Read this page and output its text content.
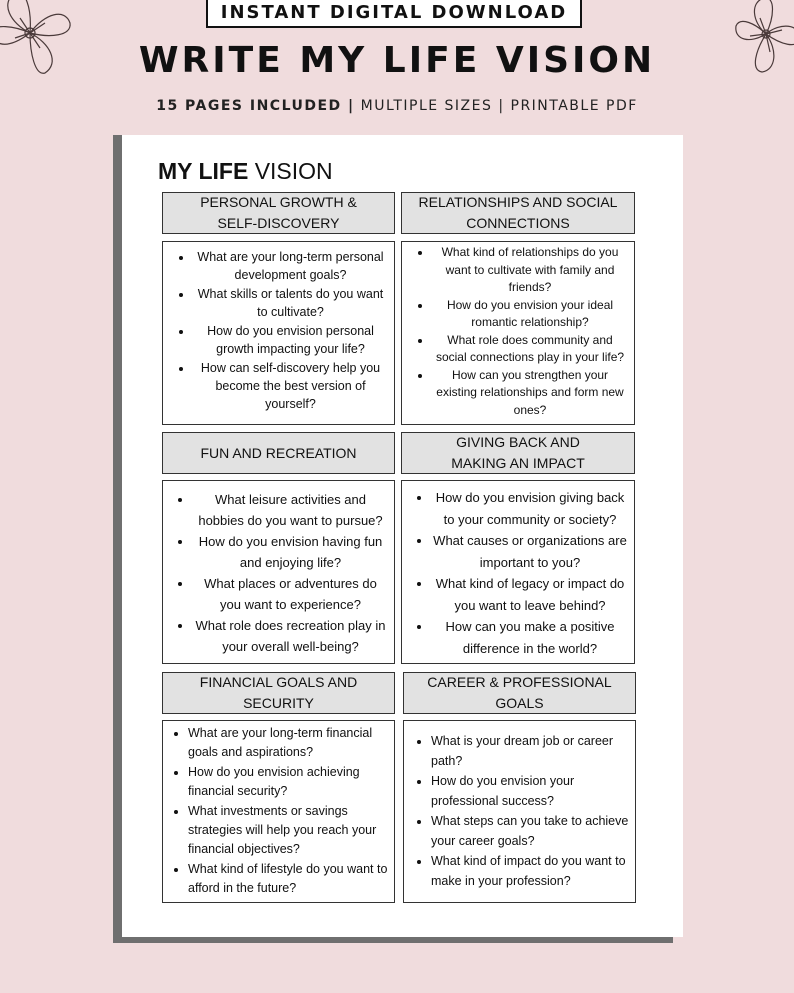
INSTANT DIGITAL DOWNLOAD
WRITE MY LIFE VISION
15 PAGES INCLUDED | MULTIPLE SIZES | PRINTABLE PDF

MY LIFE VISION
PERSONAL GROWTH &
SELF-DISCOVERY
RELATIONSHIPS AND SOCIAL
CONNECTIONS
• What are your long-term personal development goals?
• What skills or talents do you want to cultivate?
• How do you envision personal growth impacting your life?
• How can self-discovery help you become the best version of yourself?
• What kind of relationships do you want to cultivate with family and friends?
• How do you envision your ideal romantic relationship?
• What role does community and social connections play in your life?
• How can you strengthen your existing relationships and form new ones?
FUN AND RECREATION
GIVING BACK AND
MAKING AN IMPACT
• What leisure activities and hobbies do you want to pursue?
• How do you envision having fun and enjoying life?
• What places or adventures do you want to experience?
• What role does recreation play in your overall well-being?
• How do you envision giving back to your community or society?
• What causes or organizations are important to you?
• What kind of legacy or impact do you want to leave behind?
• How can you make a positive difference in the world?
FINANCIAL GOALS AND SECURITY
CAREER & PROFESSIONAL GOALS
• What are your long-term financial goals and aspirations?
• How do you envision achieving financial security?
• What investments or savings strategies will help you reach your financial objectives?
• What kind of lifestyle do you want to afford in the future?
• What is your dream job or career path?
• How do you envision your professional success?
• What steps can you take to achieve your career goals?
• What kind of impact do you want to make in your profession?
